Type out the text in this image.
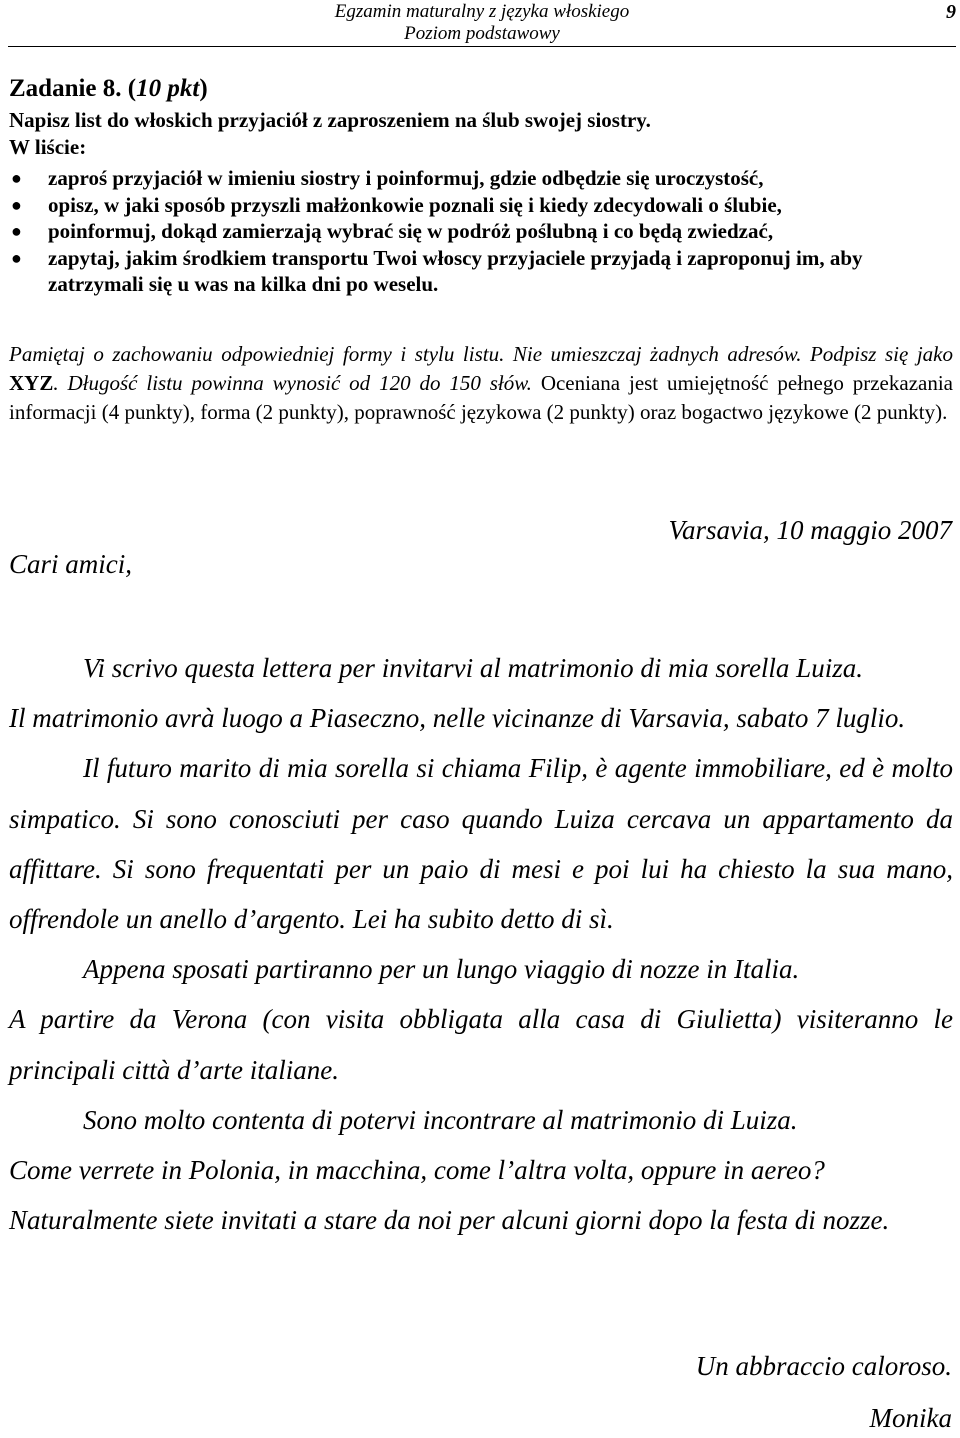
Egzamin maturalny z języka włoskiego
Poziom podstawowy
9
Zadanie 8. (10 pkt)
Napisz list do włoskich przyjaciół z zaproszeniem na ślub swojej siostry.
W liście:
● zaproś przyjaciół w imieniu siostry i poinformuj, gdzie odbędzie się uroczystość,
● opisz, w jaki sposób przyszli małżonkowie poznali się i kiedy zdecydowali o ślubie,
● poinformuj, dokąd zamierzają wybrać się w podróż poślubną i co będą zwiedzać,
● zapytaj, jakim środkiem transportu Twoi włoscy przyjaciele przyjadą i zaproponuj im, aby zatrzymali się u was na kilka dni po weselu.
Pamiętaj o zachowaniu odpowiedniej formy i stylu listu. Nie umieszczaj żadnych adresów. Podpisz się jako XYZ. Długość listu powinna wynosić od 120 do 150 słów. Oceniana jest umiejętność pełnego przekazania informacji (4 punkty), forma (2 punkty), poprawność językowa (2 punkty) oraz bogactwo językowe (2 punkty).
Varsavia, 10 maggio 2007
Cari amici,

Vi scrivo questa lettera per invitarvi al matrimonio di mia sorella Luiza.

Il matrimonio avrà luogo a Piaseczno, nelle vicinanze di Varsavia, sabato 7 luglio.

Il futuro marito di mia sorella si chiama Filip, è agente immobiliare, ed è molto simpatico. Si sono conosciuti per caso quando Luiza cercava un appartamento da affittare. Si sono frequentati per un paio di mesi e poi lui ha chiesto la sua mano, offrendole un anello d’argento. Lei ha subito detto di sì.

Appena sposati partiranno per un lungo viaggio di nozze in Italia.

A partire da Verona (con visita obbligata alla casa di Giulietta) visiteranno le principali città d’arte italiane.

Sono molto contenta di potervi incontrare al matrimonio di Luiza.

Come verrete in Polonia, in macchina, come l’altra volta, oppure in aereo?

Naturalmente siete invitati a stare da noi per alcuni giorni dopo la festa di nozze.

Un abbraccio caloroso.
Monika
